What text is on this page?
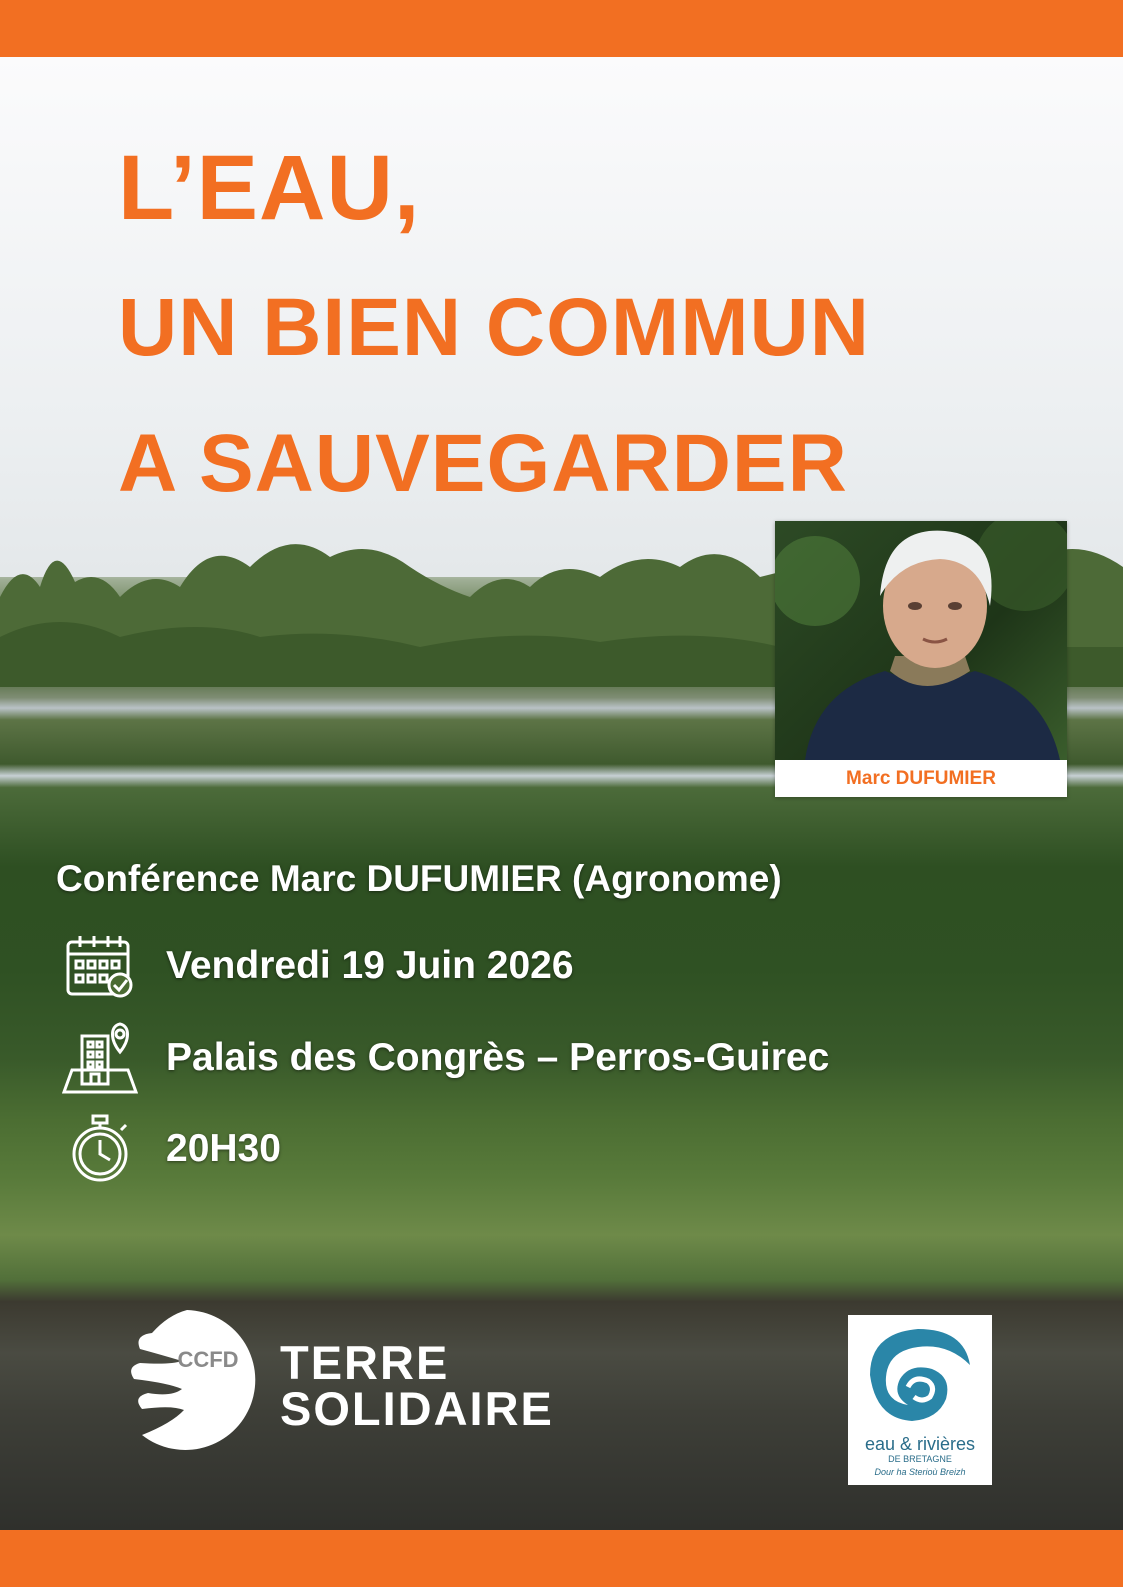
L’EAU,
UN BIEN COMMUN
A SAUVEGARDER
Marc DUFUMIER
Conférence Marc DUFUMIER (Agronome)
Vendredi 19 Juin 2026
Palais des Congrès – Perros-Guirec
20H30
CCFD TERRE
SOLIDAIRE
eau & rivières
DE BRETAGNE
Dour ha Sterioù Breizh
